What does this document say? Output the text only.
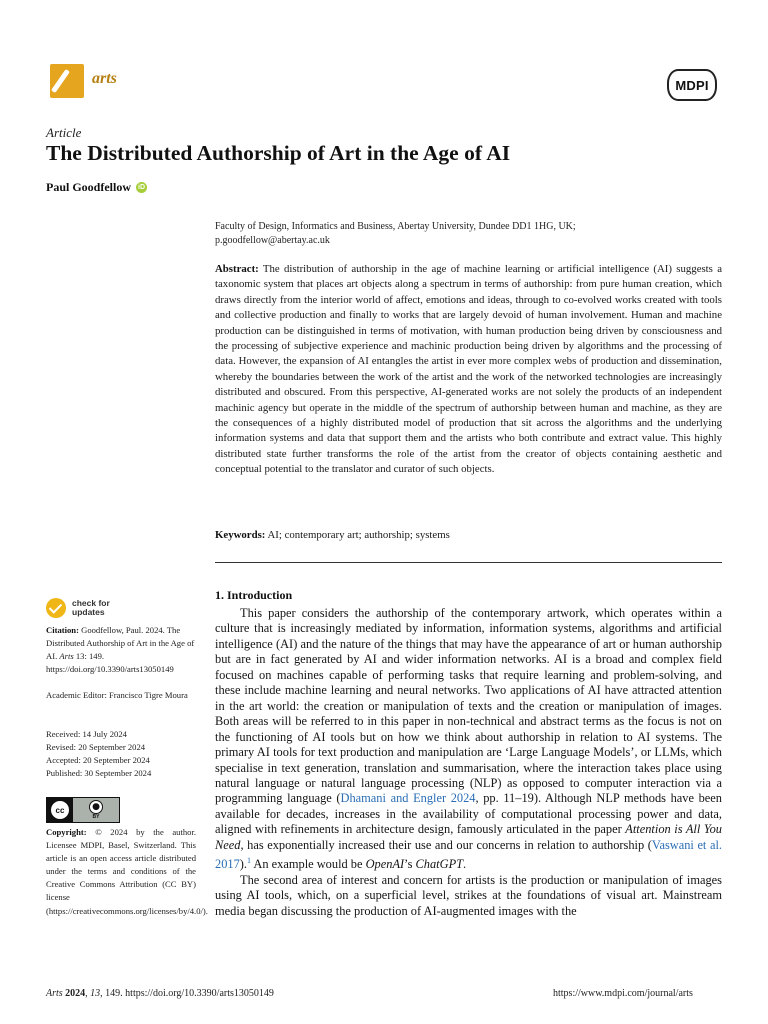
arts	MDPI
Article
The Distributed Authorship of Art in the Age of AI
Paul Goodfellow iD
Faculty of Design, Informatics and Business, Abertay University, Dundee DD1 1HG, UK;
p.goodfellow@abertay.ac.uk
Abstract: The distribution of authorship in the age of machine learning or artificial intelligence (AI) suggests a taxonomic system that places art objects along a spectrum in terms of authorship: from pure human creation, which draws directly from the interior world of affect, emotions and ideas, through to co-evolved works created with tools and collective production and finally to works that are largely devoid of human involvement. Human and machine production can be distinguished in terms of motivation, with human production being driven by consciousness and the processing of subjective experience and machinic production being driven by algorithms and the processing of data. However, the expansion of AI entangles the artist in ever more complex webs of production and dissemination, whereby the boundaries between the work of the artist and the work of the networked technologies are increasingly distributed and obscured. From this perspective, AI-generated works are not solely the products of an independent machinic agency but operate in the middle of the spectrum of authorship between human and machine, as they are the consequences of a highly distributed model of production that sit across the algorithms and the underlying information systems and data that support them and the artists who both contribute and extract value. This highly distributed state further transforms the role of the artist from the creator of objects containing aesthetic and conceptual potential to the translator and curator of such objects.
Keywords: AI; contemporary art; authorship; systems
check for
updates
Citation: Goodfellow, Paul. 2024. The Distributed Authorship of Art in the Age of AI. Arts 13: 149. https://doi.org/10.3390/arts13050149
Academic Editor: Francisco Tigre Moura
Received: 14 July 2024
Revised: 20 September 2024
Accepted: 20 September 2024
Published: 30 September 2024
cc	●
BY
Copyright: © 2024 by the author. Licensee MDPI, Basel, Switzerland. This article is an open access article distributed under the terms and conditions of the Creative Commons Attribution (CC BY) license (https://creativecommons.org/licenses/by/4.0/).
1. Introduction

This paper considers the authorship of the contemporary artwork, which operates within a culture that is increasingly mediated by information, information systems, algorithms and artificial intelligence (AI) and the nature of the things that may have the appearance of art or human authorship but are in fact generated by AI and wider information networks. AI is a broad and complex field focused on machines capable of performing tasks that require learning and problem-solving, and these include machine learning and neural networks. Two applications of AI have attracted attention in the art world: the creation or manipulation of texts and the creation or manipulation of images. Both areas will be referred to in this paper in non-technical and abstract terms as the focus is not on the functioning of AI tools but on how we think about authorship in relation to AI systems. The primary AI tools for text production and manipulation are ‘Large Language Models’, or LLMs, which specialise in text generation, translation and summarisation, where the interaction takes place using natural language or natural language processing (NLP) as opposed to computer interaction via a programming language (Dhamani and Engler 2024, pp. 11–19). Although NLP methods have been available for decades, increases in the availability of computational processing power and data, aligned with refinements in architecture design, famously articulated in the paper Attention is All You Need, has exponentially increased their use and our concerns in relation to authorship (Vaswani et al. 2017).$^1$ An example would be OpenAI’s ChatGPT.

The second area of interest and concern for artists is the production or manipulation of images using AI tools, which, on a superficial level, strikes at the foundations of visual art. Mainstream media began discussing the production of AI-augmented images with the

Arts 2024, 13, 149. https://doi.org/10.3390/arts13050149	https://www.mdpi.com/journal/arts
